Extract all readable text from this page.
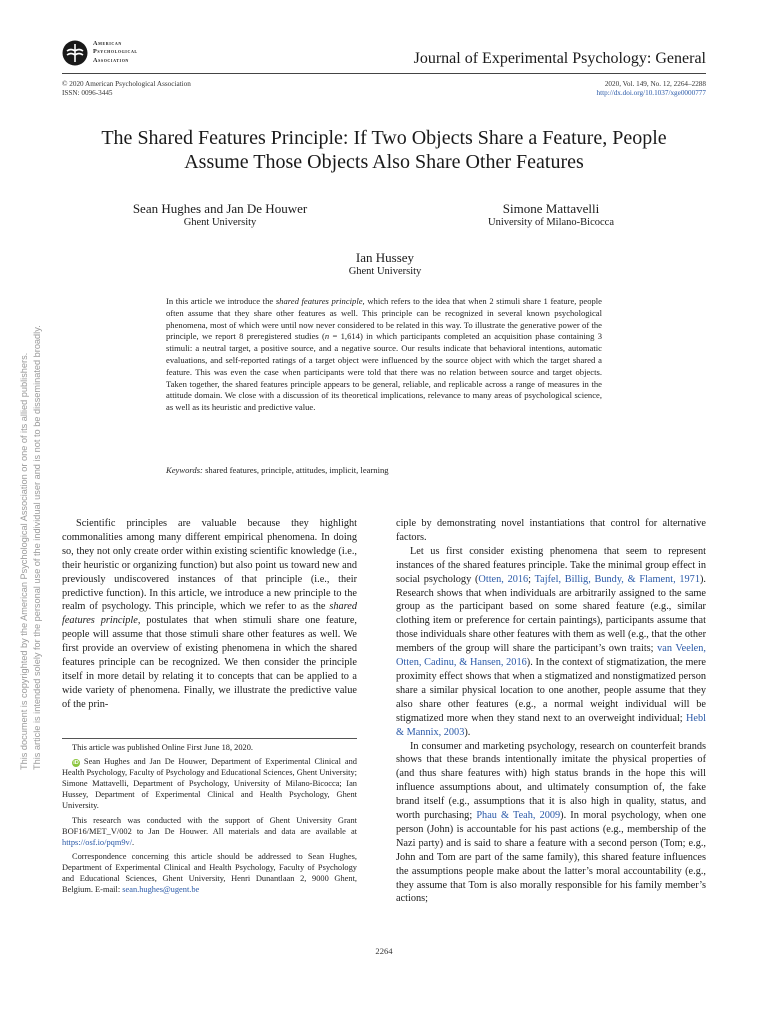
This document is copyrighted by the American Psychological Association or one of its allied publishers. This article is intended solely for the personal use of the individual user and is not to be disseminated broadly.
American
Psychological
Association	Journal of Experimental Psychology: General
© 2020 American Psychological Association
ISSN: 0096-3445
2020, Vol. 149, No. 12, 2264–2288
http://dx.doi.org/10.1037/xge0000777
The Shared Features Principle: If Two Objects Share a Feature, People
Assume Those Objects Also Share Other Features
Sean Hughes and Jan De Houwer
Ghent University
Simone Mattavelli
University of Milano-Bicocca
Ian Hussey
Ghent University
In this article we introduce the shared features principle, which refers to the idea that when 2 stimuli share 1 feature, people often assume that they share other features as well. This principle can be recognized in several known psychological phenomena, most of which were until now never considered to be related in this way. To illustrate the generative power of the principle, we report 8 preregistered studies (n = 1,614) in which participants completed an acquisition phase containing 3 stimuli: a neutral target, a positive source, and a negative source. Our results indicate that behavioral intentions, automatic evaluations, and self-reported ratings of a target object were influenced by the source object with which the target shared a feature. This was even the case when participants were told that there was no relation between source and target objects. Taken together, the shared features principle appears to be general, reliable, and replicable across a range of measures in the attitude domain. We close with a discussion of its theoretical implications, relevance to many areas of psychological science, as well as its heuristic and predictive value.
Keywords: shared features, principle, attitudes, implicit, learning

Scientific principles are valuable because they highlight commonalities among many different empirical phenomena. In doing so, they not only create order within existing scientific knowledge (i.e., their heuristic or organizing function) but also point us toward new and previously undiscovered instances of that principle (i.e., their predictive function). In this article, we introduce a new principle to the realm of psychology. This principle, which we refer to as the shared features principle, postulates that when stimuli share one feature, people will assume that those stimuli share other features as well. We first provide an overview of existing phenomena in which the shared features principle can be recognized. We then consider the principle itself in more detail by relating it to concepts that can be applied to a wide variety of phenomena. Finally, we illustrate the predictive value of the prin-

This article was published Online First June 18, 2020.

iD Sean Hughes and Jan De Houwer, Department of Experimental Clinical and Health Psychology, Faculty of Psychology and Educational Sciences, Ghent University; Simone Mattavelli, Department of Psychology, University of Milano-Bicocca; Ian Hussey, Department of Experimental Clinical and Health Psychology, Ghent University.

This research was conducted with the support of Ghent University Grant BOF16/MET_V/002 to Jan De Houwer. All materials and data are available at https://osf.io/pqm9v/.

Correspondence concerning this article should be addressed to Sean Hughes, Department of Experimental Clinical and Health Psychology, Faculty of Psychology and Educational Sciences, Ghent University, Henri Dunantlaan 2, 9000 Ghent, Belgium. E-mail: sean.hughes@ugent.be

ciple by demonstrating novel instantiations that control for alternative factors.

Let us first consider existing phenomena that seem to represent instances of the shared features principle. Take the minimal group effect in social psychology (Otten, 2016; Tajfel, Billig, Bundy, & Flament, 1971). Research shows that when individuals are arbitrarily assigned to the same group as the participant based on some shared feature (e.g., similar clothing item or preference for certain paintings), participants assume that those individuals share other features with them as well (e.g., that the other members of the group will share the participant’s own traits; van Veelen, Otten, Cadinu, & Hansen, 2016). In the context of stigmatization, the mere proximity effect shows that when a stigmatized and nonstigmatized person share a similar physical location to one another, people assume that they also share other features (e.g., a normal weight individual will be stigmatized more when they stand next to an overweight individual; Hebl & Mannix, 2003).

In consumer and marketing psychology, research on counterfeit brands shows that these brands intentionally imitate the physical properties of (and thus share features with) high status brands in the hope this will influence assumptions about, and ultimately consumption of, the fake brand itself (e.g., assumptions that it is also high in quality, status, and worth purchasing; Phau & Teah, 2009). In moral psychology, when one person (John) is accountable for his past actions (e.g., membership of the Nazi party) and is said to share a feature with a second person (Tom; e.g., John and Tom are part of the same family), this shared feature influences the assumptions people make about the latter’s moral accountability (e.g., they assume that Tom is also morally responsible for his family member’s actions;

2264
